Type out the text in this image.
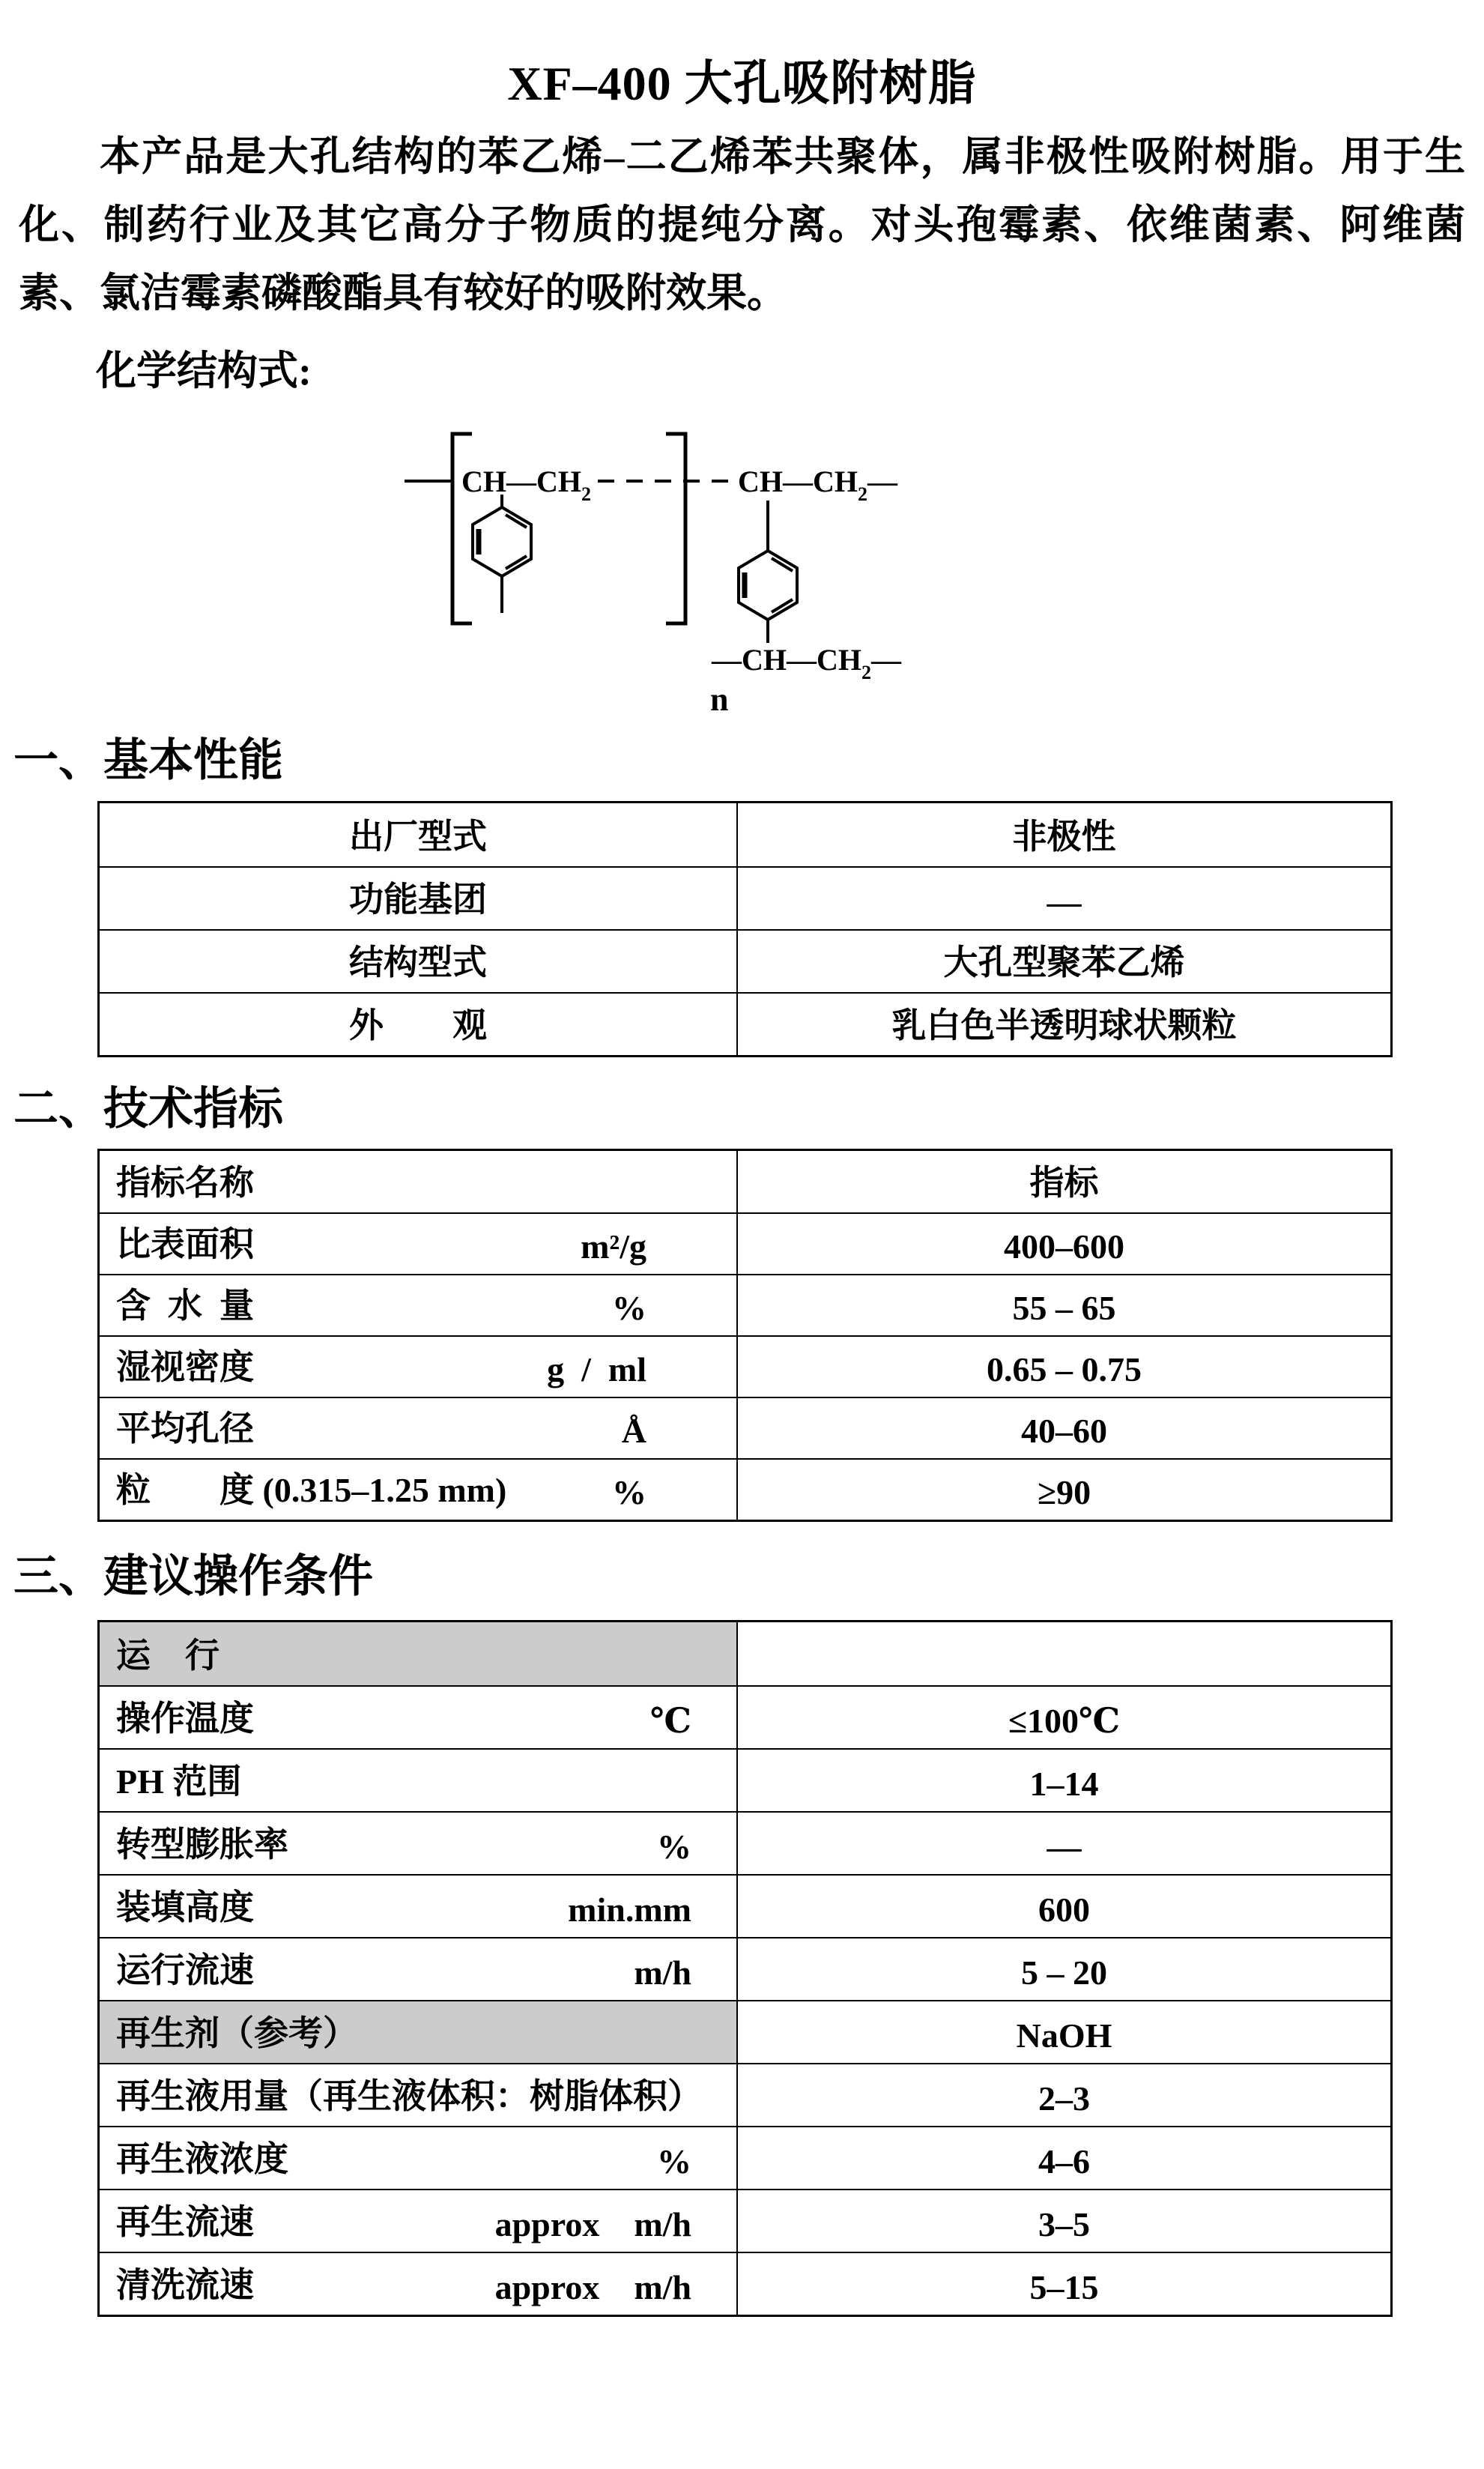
XF–400 大孔吸附树脂
本产品是大孔结构的苯乙烯–二乙烯苯共聚体，属非极性吸附树脂。用于生
化、制药行业及其它高分子物质的提纯分离。对头孢霉素、依维菌素、阿维菌
素、氯洁霉素磷酸酯具有较好的吸附效果。
化学结构式:
$CH—CH_2$	$CH—CH_2—$
$—CH—CH_2—$
n
一、基本性能
出厂型式	非极性
功能基团	—
结构型式	大孔型聚苯乙烯
外　　观	乳白色半透明球状颗粒
二、技术指标
指标名称	指标
比表面积	m²/g	400–600
含 水 量	%	55 – 65
湿视密度	g / ml	0.65 – 0.75
平均孔径	Å	40–60
粒　　度 (0.315–1.25 mm)	%	≥90
三、建议操作条件
运　行
操作温度	℃	≤100℃
PH 范围	1–14
转型膨胀率	%	—
装填高度	min.mm	600
运行流速	m/h	5 – 20
再生剂（参考）	NaOH
再生液用量（再生液体积：树脂体积）	2–3
再生液浓度	%	4–6
再生流速	approx  m/h	3–5
清洗流速	approx  m/h	5–15
